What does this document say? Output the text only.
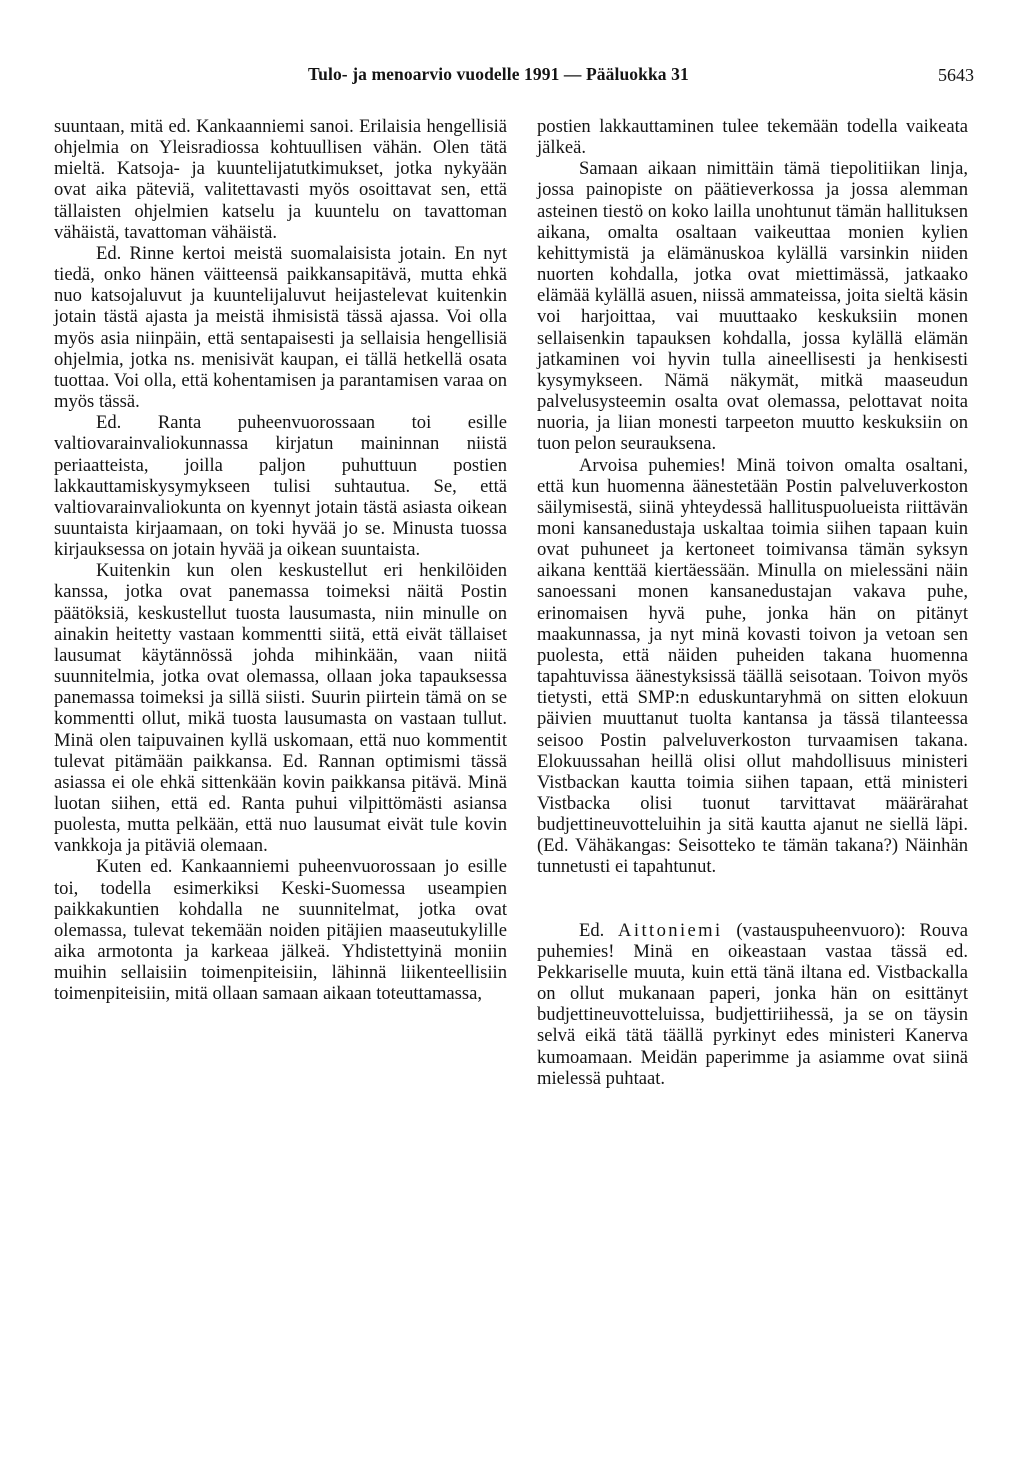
Tulo- ja menoarvio vuodelle 1991 — Pääluokka 31	5643

suuntaan, mitä ed. Kankaanniemi sanoi. Erilaisia hengellisiä ohjelmia on Yleisradiossa kohtuullisen vähän. Olen tätä mieltä. Katsoja- ja kuuntelijatutkimukset, jotka nykyään ovat aika päteviä, valitettavasti myös osoittavat sen, että tällaisten ohjelmien katselu ja kuuntelu on tavattoman vähäistä, tavattoman vähäistä.

Ed. Rinne kertoi meistä suomalaisista jotain. En nyt tiedä, onko hänen väitteensä paikkansapitävä, mutta ehkä nuo katsojaluvut ja kuuntelijaluvut heijastelevat kuitenkin jotain tästä ajasta ja meistä ihmisistä tässä ajassa. Voi olla myös asia niinpäin, että sentapaisesti ja sellaisia hengellisiä ohjelmia, jotka ns. menisivät kaupan, ei tällä hetkellä osata tuottaa. Voi olla, että kohentamisen ja parantamisen varaa on myös tässä.

Ed. Ranta puheenvuorossaan toi esille valtiovarainvaliokunnassa kirjatun maininnan niistä periaatteista, joilla paljon puhuttuun postien lakkauttamiskysymykseen tulisi suhtautua. Se, että valtiovarainvaliokunta on kyennyt jotain tästä asiasta oikean suuntaista kirjaamaan, on toki hyvää jo se. Minusta tuossa kirjauksessa on jotain hyvää ja oikean suuntaista.

Kuitenkin kun olen keskustellut eri henkilöiden kanssa, jotka ovat panemassa toimeksi näitä Postin päätöksiä, keskustellut tuosta lausumasta, niin minulle on ainakin heitetty vastaan kommentti siitä, että eivät tällaiset lausumat käytännössä johda mihinkään, vaan niitä suunnitelmia, jotka ovat olemassa, ollaan joka tapauksessa panemassa toimeksi ja sillä siisti. Suurin piirtein tämä on se kommentti ollut, mikä tuosta lausumasta on vastaan tullut. Minä olen taipuvainen kyllä uskomaan, että nuo kommentit tulevat pitämään paikkansa. Ed. Rannan optimismi tässä asiassa ei ole ehkä sittenkään kovin paikkansa pitävä. Minä luotan siihen, että ed. Ranta puhui vilpittömästi asiansa puolesta, mutta pelkään, että nuo lausumat eivät tule kovin vankkoja ja pitäviä olemaan.

Kuten ed. Kankaanniemi puheenvuorossaan jo esille toi, todella esimerkiksi Keski-Suomessa useampien paikkakuntien kohdalla ne suunnitelmat, jotka ovat olemassa, tulevat tekemään noiden pitäjien maaseutukylille aika armotonta ja karkeaa jälkeä. Yhdistettyinä moniin muihin sellaisiin toimenpiteisiin, lähinnä liikenteellisiin toimenpiteisiin, mitä ollaan samaan aikaan toteuttamassa,

postien lakkauttaminen tulee tekemään todella vaikeata jälkeä.

Samaan aikaan nimittäin tämä tiepolitiikan linja, jossa painopiste on päätieverkossa ja jossa alemman asteinen tiestö on koko lailla unohtunut tämän hallituksen aikana, omalta osaltaan vaikeuttaa monien kylien kehittymistä ja elämänuskoa kylällä varsinkin niiden nuorten kohdalla, jotka ovat miettimässä, jatkaako elämää kylällä asuen, niissä ammateissa, joita sieltä käsin voi harjoittaa, vai muuttaako keskuksiin monen sellaisenkin tapauksen kohdalla, jossa kylällä elämän jatkaminen voi hyvin tulla aineellisesti ja henkisesti kysymykseen. Nämä näkymät, mitkä maaseudun palvelusysteemin osalta ovat olemassa, pelottavat noita nuoria, ja liian monesti tarpeeton muutto keskuksiin on tuon pelon seurauksena.

Arvoisa puhemies! Minä toivon omalta osaltani, että kun huomenna äänestetään Postin palveluverkoston säilymisestä, siinä yhteydessä hallituspuolueista riittävän moni kansanedustaja uskaltaa toimia siihen tapaan kuin ovat puhuneet ja kertoneet toimivansa tämän syksyn aikana kenttää kiertäessään. Minulla on mielessäni näin sanoessani monen kansanedustajan vakava puhe, erinomaisen hyvä puhe, jonka hän on pitänyt maakunnassa, ja nyt minä kovasti toivon ja vetoan sen puolesta, että näiden puheiden takana huomenna tapahtuvissa äänestyksissä täällä seisotaan. Toivon myös tietysti, että SMP:n eduskuntaryhmä on sitten elokuun päivien muuttanut tuolta kantansa ja tässä tilanteessa seisoo Postin palveluverkoston turvaamisen takana. Elokuussahan heillä olisi ollut mahdollisuus ministeri Vistbackan kautta toimia siihen tapaan, että ministeri Vistbacka olisi tuonut tarvittavat määrärahat budjettineuvotteluihin ja sitä kautta ajanut ne siellä läpi. (Ed. Vähäkangas: Seisotteko te tämän takana?) Näinhän tunnetusti ei tapahtunut.

Ed. Aittoniemi (vastauspuheenvuoro): Rouva puhemies! Minä en oikeastaan vastaa tässä ed. Pekkariselle muuta, kuin että tänä iltana ed. Vistbackalla on ollut mukanaan paperi, jonka hän on esittänyt budjettineuvotteluissa, budjettiriihessä, ja se on täysin selvä eikä tätä täällä pyrkinyt edes ministeri Kanerva kumoamaan. Meidän paperimme ja asiamme ovat siinä mielessä puhtaat.
